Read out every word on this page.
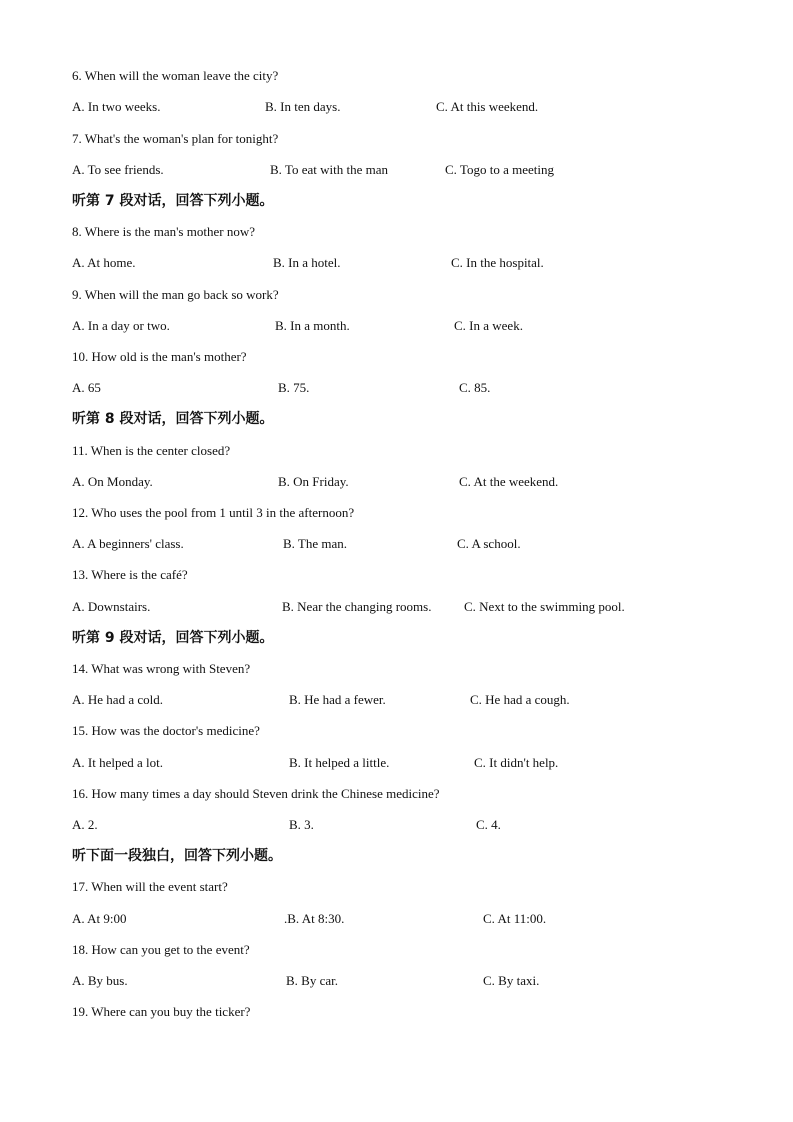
6. When will the woman leave the city?
A. In two weeks.	B. In ten days.	C. At this weekend.
7. What's the woman's plan for tonight?
A. To see friends.	B. To eat with the man	C. Togo to a meeting
听第 7 段对话，回答下列小题。
8. Where is the man's mother now?
A. At home.	B. In a hotel.	C. In the hospital.
9. When will the man go back so work?
A. In a day or two.	B. In a month.	C. In a week.
10. How old is the man's mother?
A. 65	B. 75.	C. 85.
听第 8 段对话，回答下列小题。
11. When is the center closed?
A. On Monday.	B. On Friday.	C. At the weekend.
12. Who uses the pool from 1 until 3 in the afternoon?
A. A beginners' class.	B. The man.	C. A school.
13. Where is the café?
A. Downstairs.	B. Near the changing rooms.	C. Next to the swimming pool.
听第 9 段对话，回答下列小题。
14. What was wrong with Steven?
A. He had a cold.	B. He had a fewer.	C. He had a cough.
15. How was the doctor's medicine?
A. It helped a lot.	B. It helped a little.	C. It didn't help.
16. How many times a day should Steven drink the Chinese medicine?
A. 2.	B. 3.	C. 4.
听下面一段独白，回答下列小题。
17. When will the event start?
A. At 9:00	.B. At 8:30.	C. At 11:00.
18. How can you get to the event?
A. By bus.	B. By car.	C. By taxi.
19. Where can you buy the ticker?
